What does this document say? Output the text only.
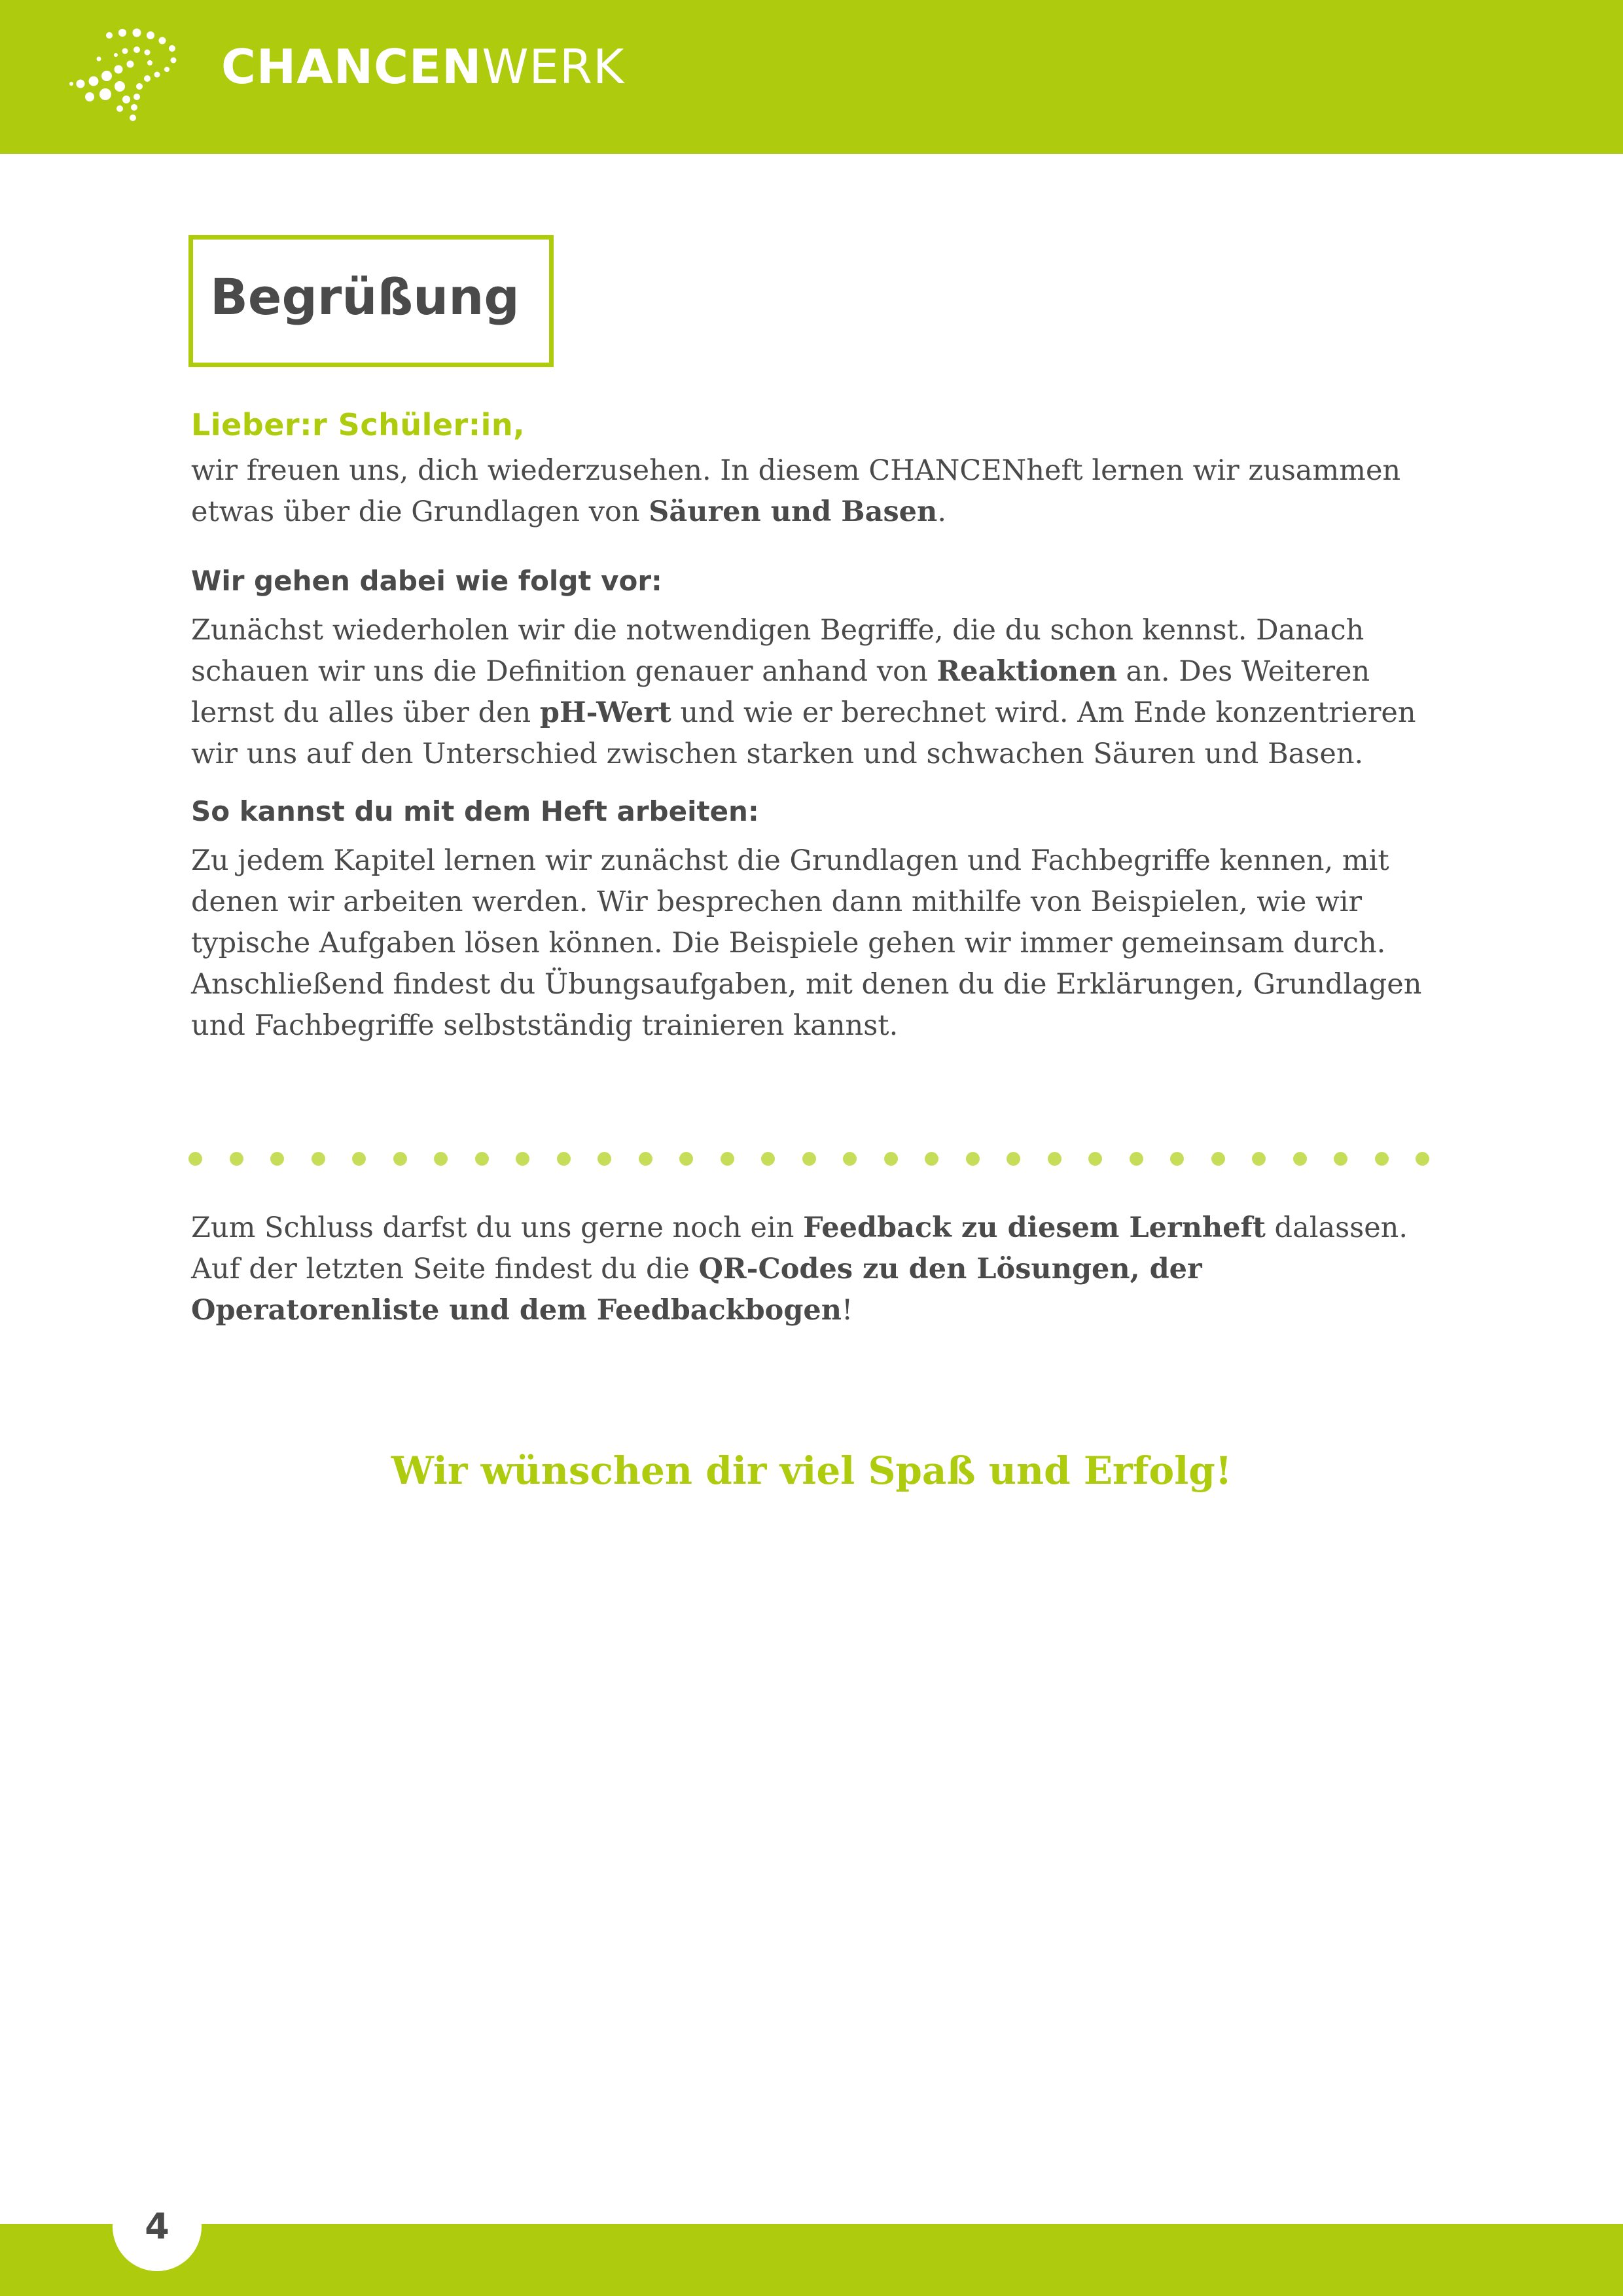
CHANCENWERK
Begrüßung
Lieber:r Schüler:in,

wir freuen uns, dich wiederzusehen. In diesem CHANCENheft lernen wir zusammen etwas über die Grundlagen von Säuren und Basen.

Wir gehen dabei wie folgt vor:

Zunächst wiederholen wir die notwendigen Begriffe, die du schon kennst. Danach schauen wir uns die Definition genauer anhand von Reaktionen an. Des Weiteren lernst du alles über den pH-Wert und wie er berechnet wird. Am Ende konzentrieren wir uns auf den Unterschied zwischen starken und schwachen Säuren und Basen.

So kannst du mit dem Heft arbeiten:

Zu jedem Kapitel lernen wir zunächst die Grundlagen und Fachbegriffe kennen, mit denen wir arbeiten werden. Wir besprechen dann mithilfe von Beispielen, wie wir typische Aufgaben lösen können. Die Beispiele gehen wir immer gemeinsam durch. Anschließend findest du Übungsaufgaben, mit denen du die Erklärungen, Grundlagen und Fachbegriffe selbstständig trainieren kannst.

Zum Schluss darfst du uns gerne noch ein Feedback zu diesem Lernheft dalassen. Auf der letzten Seite findest du die QR-Codes zu den Lösungen, der Operatorenliste und dem Feedbackbogen!

Wir wünschen dir viel Spaß und Erfolg!
4
